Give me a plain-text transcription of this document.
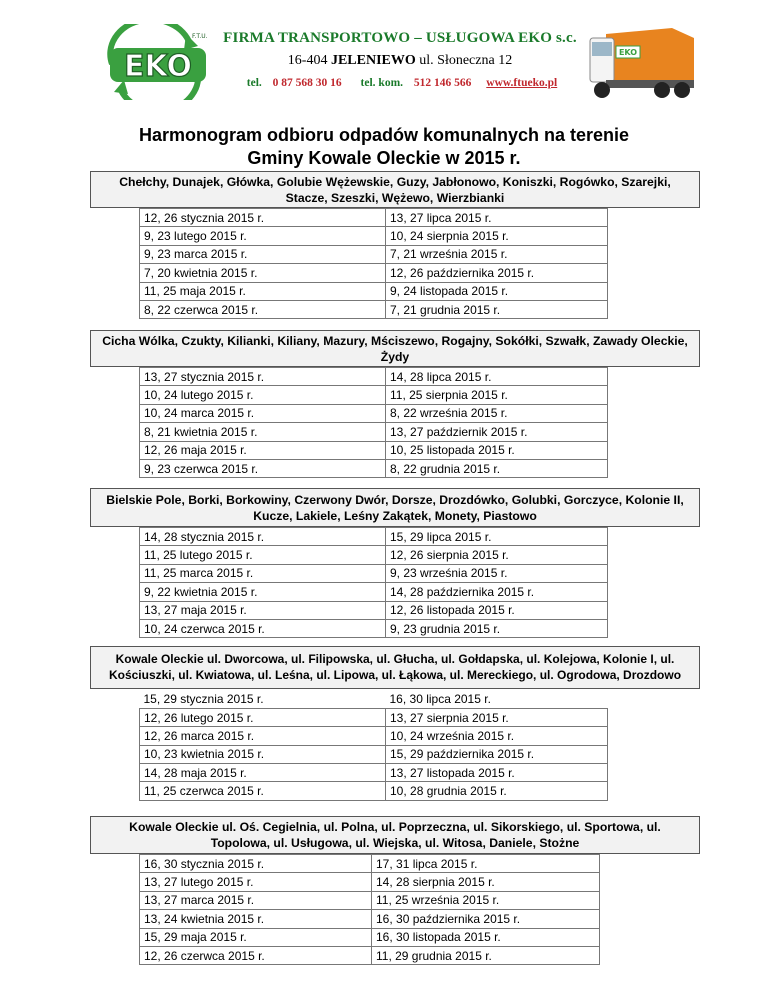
EKO
F.T.U.	FIRMA TRANSPORTOWO – USŁUGOWA EKO s.c.
16-404 JELENIEWO ul. Słoneczna 12
tel. 0 87 568 30 16 tel. kom. 512 146 566 www.ftueko.pl
EKO
Harmonogram odbioru odpadów komunalnych na terenie
Gminy Kowale Oleckie w 2015 r.
Chełchy, Dunajek, Główka, Golubie Wężewskie, Guzy, Jabłonowo, Koniszki, Rogówko, Szarejki, Stacze, Szeszki, Wężewo, Wierzbianki
12, 26 stycznia 2015 r.	13, 27 lipca 2015 r.
9, 23 lutego 2015 r.	10, 24 sierpnia 2015 r.
9, 23 marca 2015 r.	7, 21 września 2015 r.
7, 20 kwietnia 2015 r.	12, 26 października 2015 r.
11, 25 maja 2015 r.	9, 24 listopada 2015 r.
8, 22 czerwca 2015 r.	7, 21 grudnia 2015 r.
Cicha Wólka, Czukty, Kilianki, Kiliany, Mazury, Mściszewo, Rogajny, Sokółki, Szwałk, Zawady Oleckie, Żydy
13, 27 stycznia 2015 r.	14, 28 lipca 2015 r.
10, 24 lutego 2015 r.	11, 25 sierpnia 2015 r.
10, 24 marca 2015 r.	8, 22 września 2015 r.
8, 21 kwietnia 2015 r.	13, 27 październik 2015 r.
12, 26 maja 2015 r.	10, 25 listopada 2015 r.
9, 23 czerwca 2015 r.	8, 22 grudnia 2015 r.
Bielskie Pole, Borki, Borkowiny, Czerwony Dwór, Dorsze, Drozdówko, Golubki, Gorczyce, Kolonie II, Kucze, Lakiele, Leśny Zakątek, Monety, Piastowo
14, 28 stycznia 2015 r.	15, 29 lipca 2015 r.
11, 25 lutego 2015 r.	12, 26 sierpnia 2015 r.
11, 25 marca 2015 r.	9, 23 września 2015 r.
9, 22 kwietnia 2015 r.	14, 28 października 2015 r.
13, 27 maja 2015 r.	12, 26 listopada 2015 r.
10, 24 czerwca 2015 r.	9, 23 grudnia 2015 r.
Kowale Oleckie ul. Dworcowa, ul. Filipowska, ul. Głucha, ul. Gołdapska, ul. Kolejowa, Kolonie I, ul. Kościuszki, ul. Kwiatowa, ul. Leśna, ul. Lipowa, ul. Łąkowa, ul. Mereckiego, ul. Ogrodowa, Drozdowo
15, 29 stycznia 2015 r.	16, 30 lipca 2015 r.
12, 26 lutego 2015 r.	13, 27 sierpnia 2015 r.
12, 26 marca 2015 r.	10, 24 września 2015 r.
10, 23 kwietnia 2015 r.	15, 29 października 2015 r.
14, 28 maja 2015 r.	13, 27 listopada 2015 r.
11, 25 czerwca 2015 r.	10, 28 grudnia 2015 r.
Kowale Oleckie ul. Oś. Cegielnia, ul. Polna, ul. Poprzeczna, ul. Sikorskiego, ul. Sportowa, ul. Topolowa, ul. Usługowa, ul. Wiejska, ul. Witosa, Daniele, Stożne
16, 30 stycznia 2015 r.	17, 31 lipca 2015 r.
13, 27 lutego 2015 r.	14, 28 sierpnia 2015 r.
13, 27 marca 2015 r.	11, 25 września 2015 r.
13, 24 kwietnia 2015 r.	16, 30 października 2015 r.
15, 29 maja 2015 r.	16, 30 listopada 2015 r.
12, 26 czerwca 2015 r.	11, 29 grudnia 2015 r.
